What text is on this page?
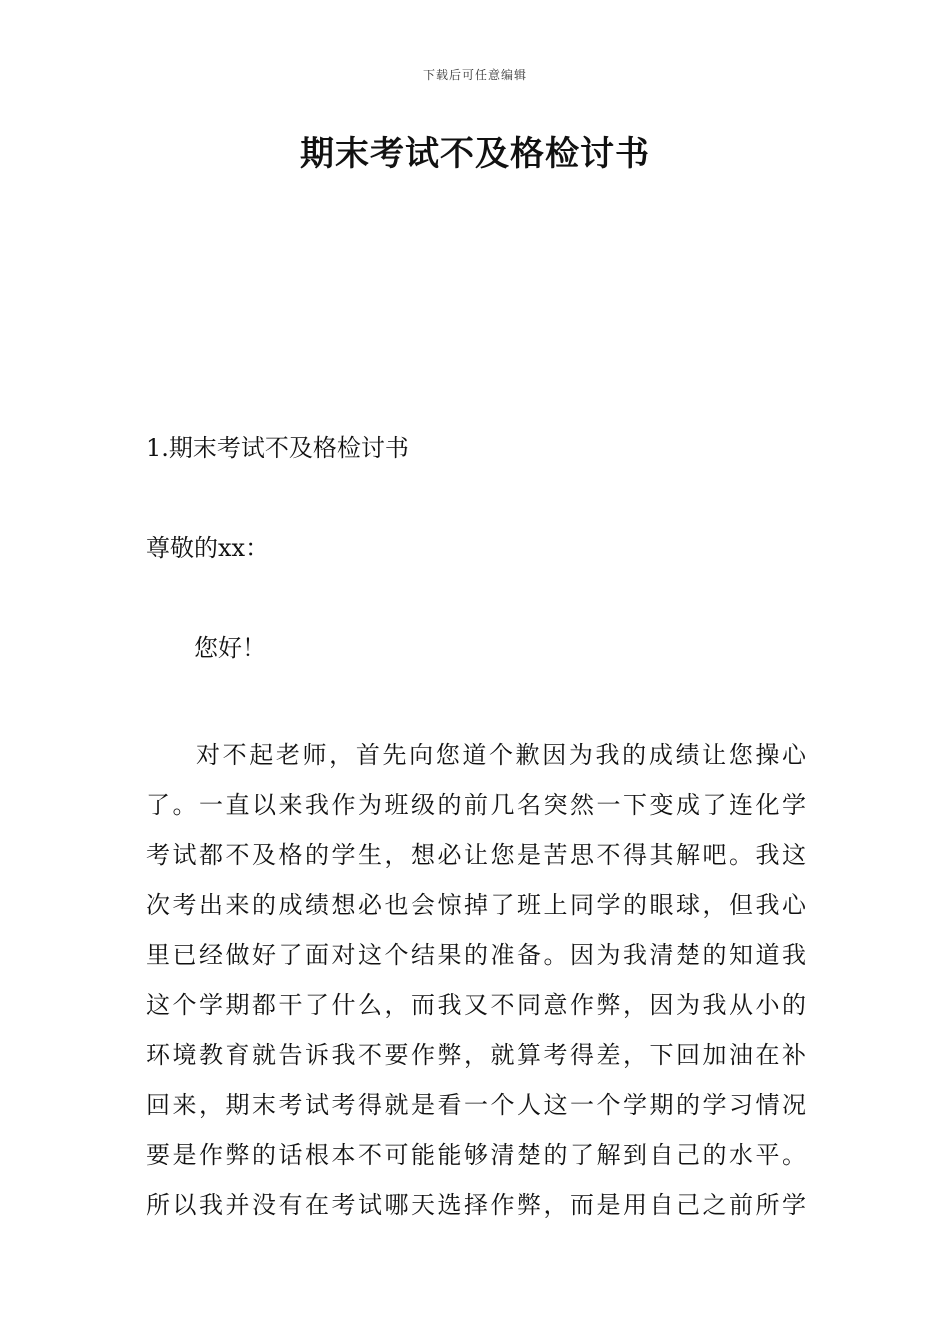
下载后可任意编辑
期末考试不及格检讨书
1.期末考试不及格检讨书
尊敬的xx：
您好！
对不起老师，首先向您道个歉因为我的成绩让您操心
了。一直以来我作为班级的前几名突然一下变成了连化学
考试都不及格的学生，想必让您是苦思不得其解吧。我这
次考出来的成绩想必也会惊掉了班上同学的眼球，但我心
里已经做好了面对这个结果的准备。因为我清楚的知道我
这个学期都干了什么，而我又不同意作弊，因为我从小的
环境教育就告诉我不要作弊，就算考得差，下回加油在补
回来，期末考试考得就是看一个人这一个学期的学习情况
要是作弊的话根本不可能能够清楚的了解到自己的水平。
所以我并没有在考试哪天选择作弊，而是用自己之前所学
